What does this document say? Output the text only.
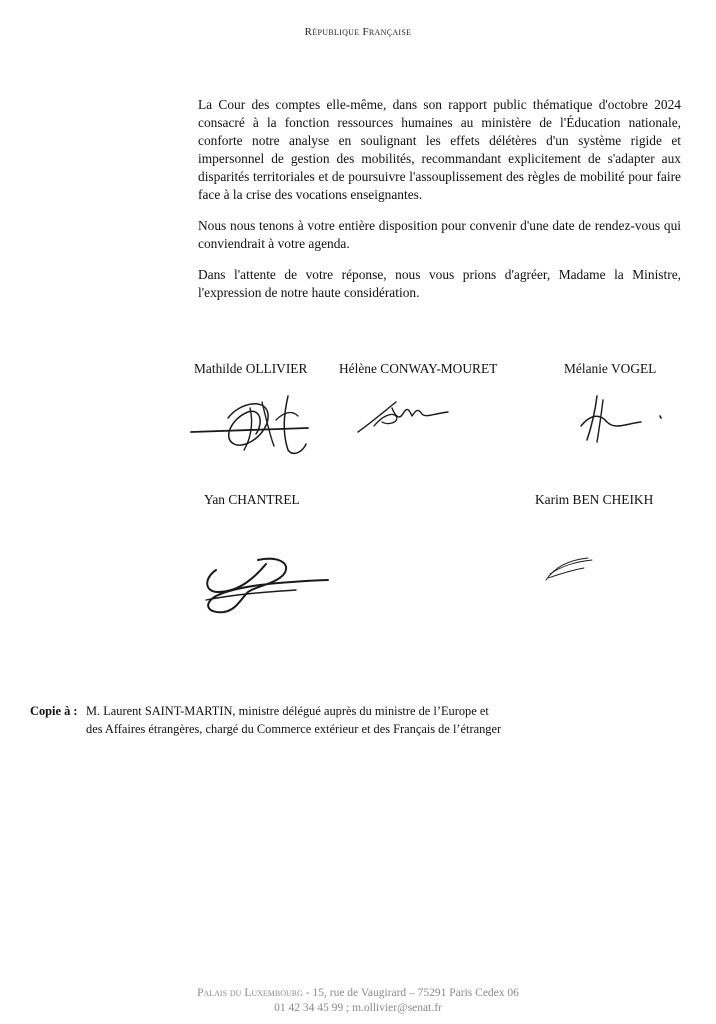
République Française

La Cour des comptes elle-même, dans son rapport public thématique d'octobre 2024 consacré à la fonction ressources humaines au ministère de l'Éducation nationale, conforte notre analyse en soulignant les effets délétères d'un système rigide et impersonnel de gestion des mobilités, recommandant explicitement de s'adapter aux disparités territoriales et de poursuivre l'assouplissement des règles de mobilité pour faire face à la crise des vocations enseignantes.

Nous nous tenons à votre entière disposition pour convenir d'une date de rendez-vous qui conviendrait à votre agenda.

Dans l'attente de votre réponse, nous vous prions d'agréer, Madame la Ministre, l'expression de notre haute considération.

Mathilde OLLIVIER Hélène CONWAY-MOURET	Mélanie VOGEL
Yan CHANTREL	Karim BEN CHEIKH
Copie à : M. Laurent SAINT-MARTIN, ministre délégué auprès du ministre de l’Europe et des Affaires étrangères, chargé du Commerce extérieur et des Français de l’étranger
Palais du Luxembourg - 15, rue de Vaugirard – 75291 Paris Cedex 06
01 42 34 45 99 ; m.ollivier@senat.fr
